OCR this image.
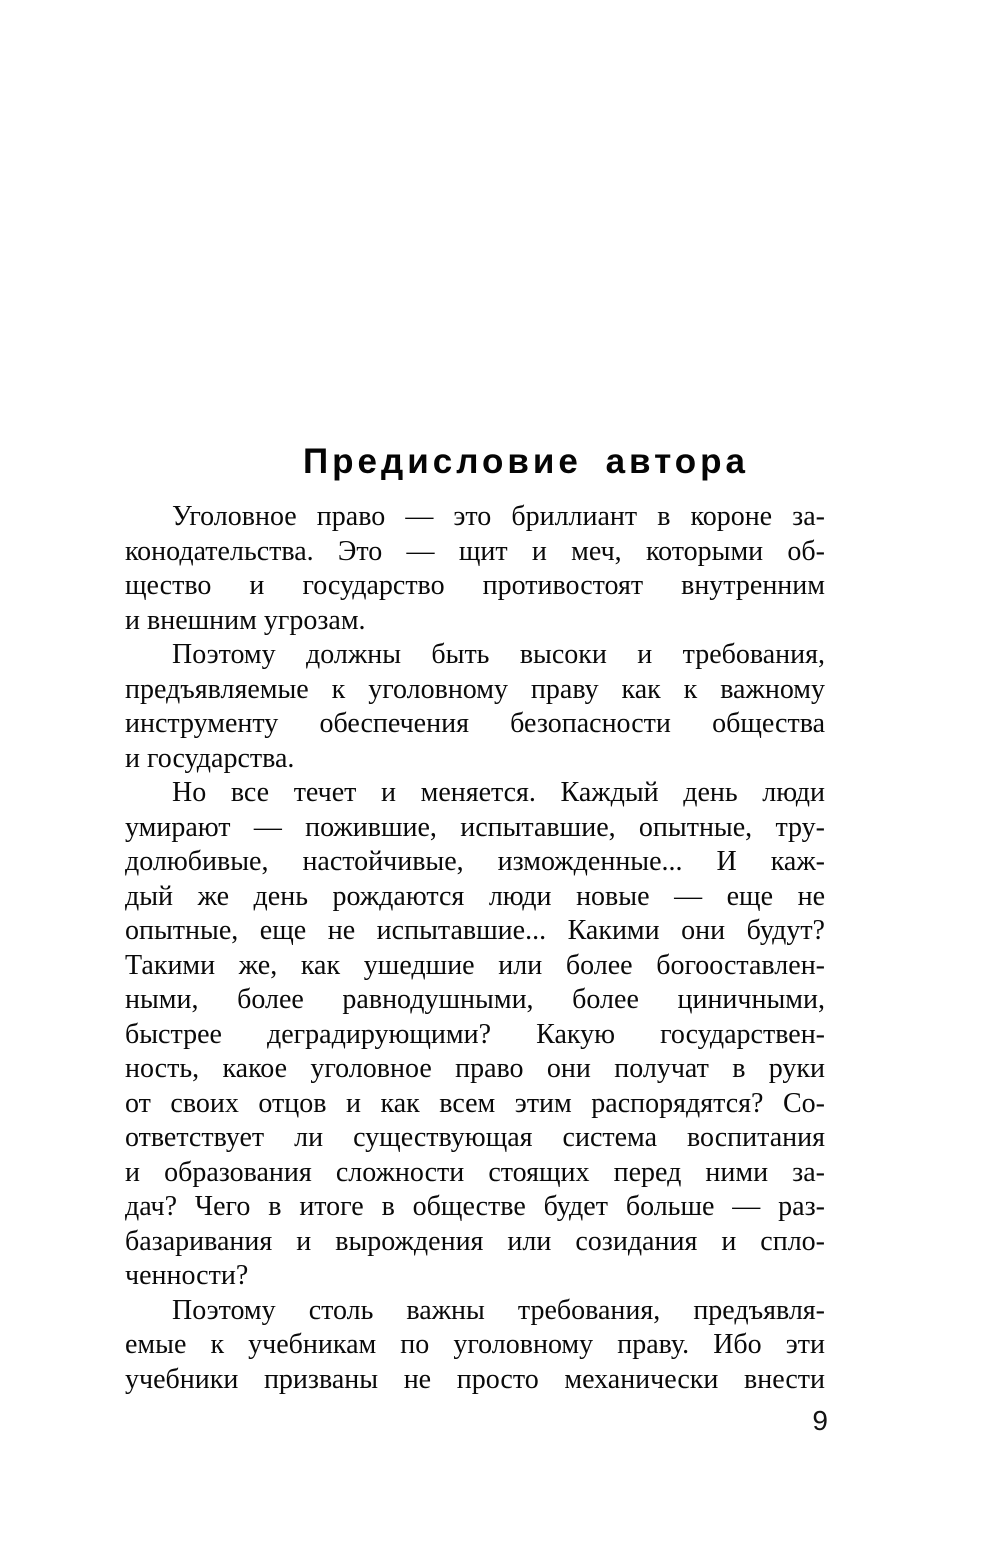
Предисловие автора
Уголовное право — это бриллиант в короне за-
конодательства. Это — щит и меч, которыми об-
щество и государство противостоят внутренним
и внешним угрозам.
Поэтому должны быть высоки и требования,
предъявляемые к уголовному праву как к важному
инструменту обеспечения безопасности общества
и государства.
Но все течет и меняется. Каждый день люди
умирают — пожившие, испытавшие, опытные, тру-
долюбивые, настойчивые, изможденные... И каж-
дый же день рождаются люди новые — еще не
опытные, еще не испытавшие... Какими они будут?
Такими же, как ушедшие или более богооставлен-
ными, более равнодушными, более циничными,
быстрее деградирующими? Какую государствен-
ность, какое уголовное право они получат в руки
от своих отцов и как всем этим распорядятся? Со-
ответствует ли существующая система воспитания
и образования сложности стоящих перед ними за-
дач? Чего в итоге в обществе будет больше — раз-
базаривания и вырождения или созидания и спло-
ченности?
Поэтому столь важны требования, предъявля-
емые к учебникам по уголовному праву. Ибо эти
учебники призваны не просто механически внести
9
